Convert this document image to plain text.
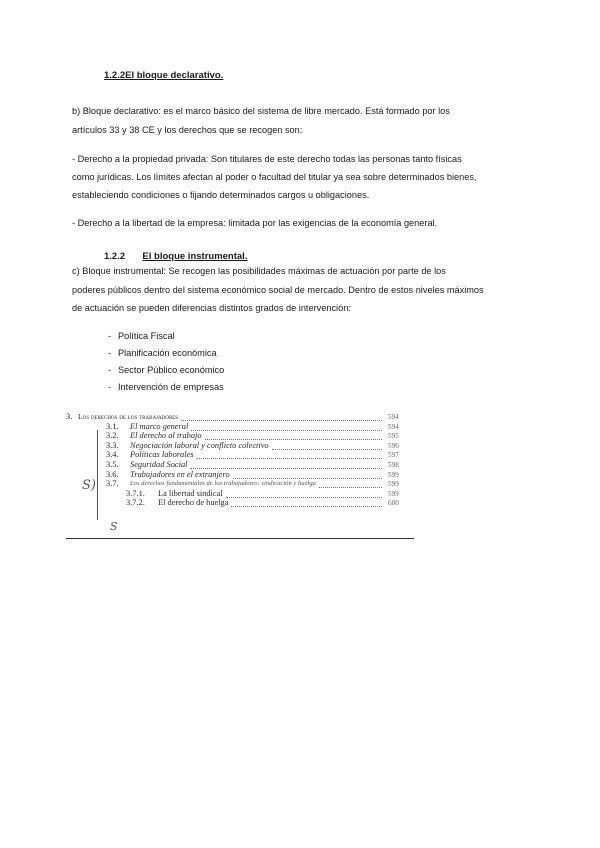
1.2.2El bloque declarativo.
b) Bloque declarativo: es el marco básico del sistema de libre mercado. Está formado por los
artículos 33 y 38 CE y los derechos que se recogen son:
- Derecho a la propiedad privada: Son titulares de este derecho todas las personas tanto físicas
como jurídicas. Los límites afectan al poder o facultad del titular ya sea sobre determinados bienes,
estableciendo condiciones o fijando determinados cargos u obligaciones.
- Derecho a la libertad de la empresa: limitada por las exigencias de la economía general.
1.2.2 El bloque instrumental.
c) Bloque instrumental: Se recogen las posibilidades máximas de actuación por parte de los
poderes públicos dentro del sistema económico social de mercado. Dentro de estos niveles máximos
de actuación se pueden diferencias distintos grados de intervención:
- Política Fiscal
- Planificación económica
- Sector Público económico
- Intervención de empresas
S)
S
3. Los derechos de los trabajadores	594
3.1. El marco general	594
3.2. El derecho al trabajo	595
3.3. Negociación laboral y conflicto colectivo	596
3.4. Políticas laborales	597
3.5. Seguridad Social	598
3.6. Trabajadores en el extranjero	599
3.7. Los derechos fundamentales de los trabajadores: sindicación y huelga	599
3.7.1. La libertad sindical	599
3.7.2. El derecho de huelga	600
